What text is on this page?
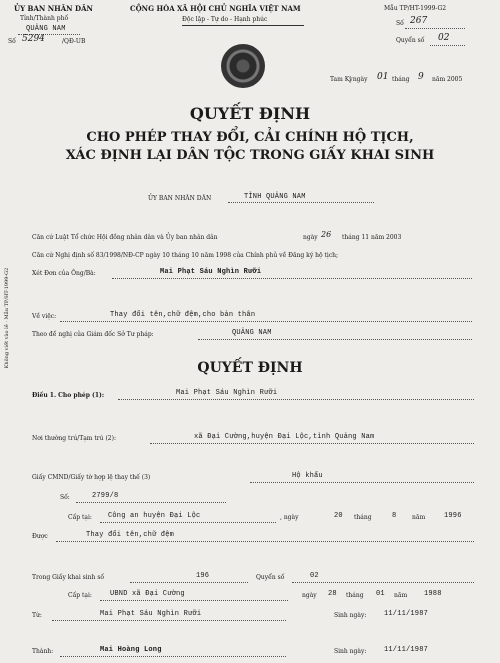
ỦY BAN NHÂN DÂN
Tỉnh/Thành phố
QUẢNG NAM
Số 5294	/QĐ-UB
CỘNG HÒA XÃ HỘI CHỦ NGHĨA VIỆT NAM
Độc lập - Tự do - Hạnh phúc
Mẫu TP/HT-1999-G2
Số 267
Quyển số 02
Tam Kỳ
, ngày 01 tháng 9 năm 2005
QUYẾT ĐỊNH
CHO PHÉP THAY ĐỔI, CẢI CHÍNH HỘ TỊCH,
XÁC ĐỊNH LẠI DÂN TỘC TRONG GIẤY KHAI SINH
ỦY BAN NHÂN DÂN	TỈNH QUẢNG NAM
Không viết vào lề · Mẫu TP/HT-1999-G2
Căn cứ Luật Tổ chức Hội đồng nhân dân và Ủy ban nhân dân	ngày 26 tháng 11 năm 2003
Căn cứ Nghị định số 83/1998/NĐ-CP ngày 10 tháng 10 năm 1998 của Chính phủ về Đăng ký hộ tịch;
Xét Đơn của Ông/Bà:	Mai Phạt Sáu Nghìn Rưỡi
Về việc:	Thay đổi tên,chữ đệm,cho bản thân
Theo đề nghị của Giám đốc Sở Tư pháp:	QUẢNG NAM
QUYẾT ĐỊNH
Điều 1. Cho phép (1):	Mai Phạt Sáu Nghìn Rưỡi
Nơi thường trú/Tạm trú (2):	xã Đại Cường,huyện Đại Lộc,tỉnh Quảng Nam
Giấy CMND/Giấy tờ hợp lệ thay thế (3)	Hộ khẩu
Số:	2799/8
Cấp tại: Công an huyện Đại Lộc	, ngày	20 tháng	8	năm	1996
Được	Thay đổi tên,chữ đệm
Trong Giấy khai sinh số	196	Quyển số	02
Cấp tại:	UBND xã Đại Cường	ngày 28 tháng 01 năm 1988
Từ:	Mai Phạt Sáu Nghìn Rưỡi	Sinh ngày:	11/11/1987
Thành:	Mai Hoàng Long	Sinh ngày:	11/11/1987
